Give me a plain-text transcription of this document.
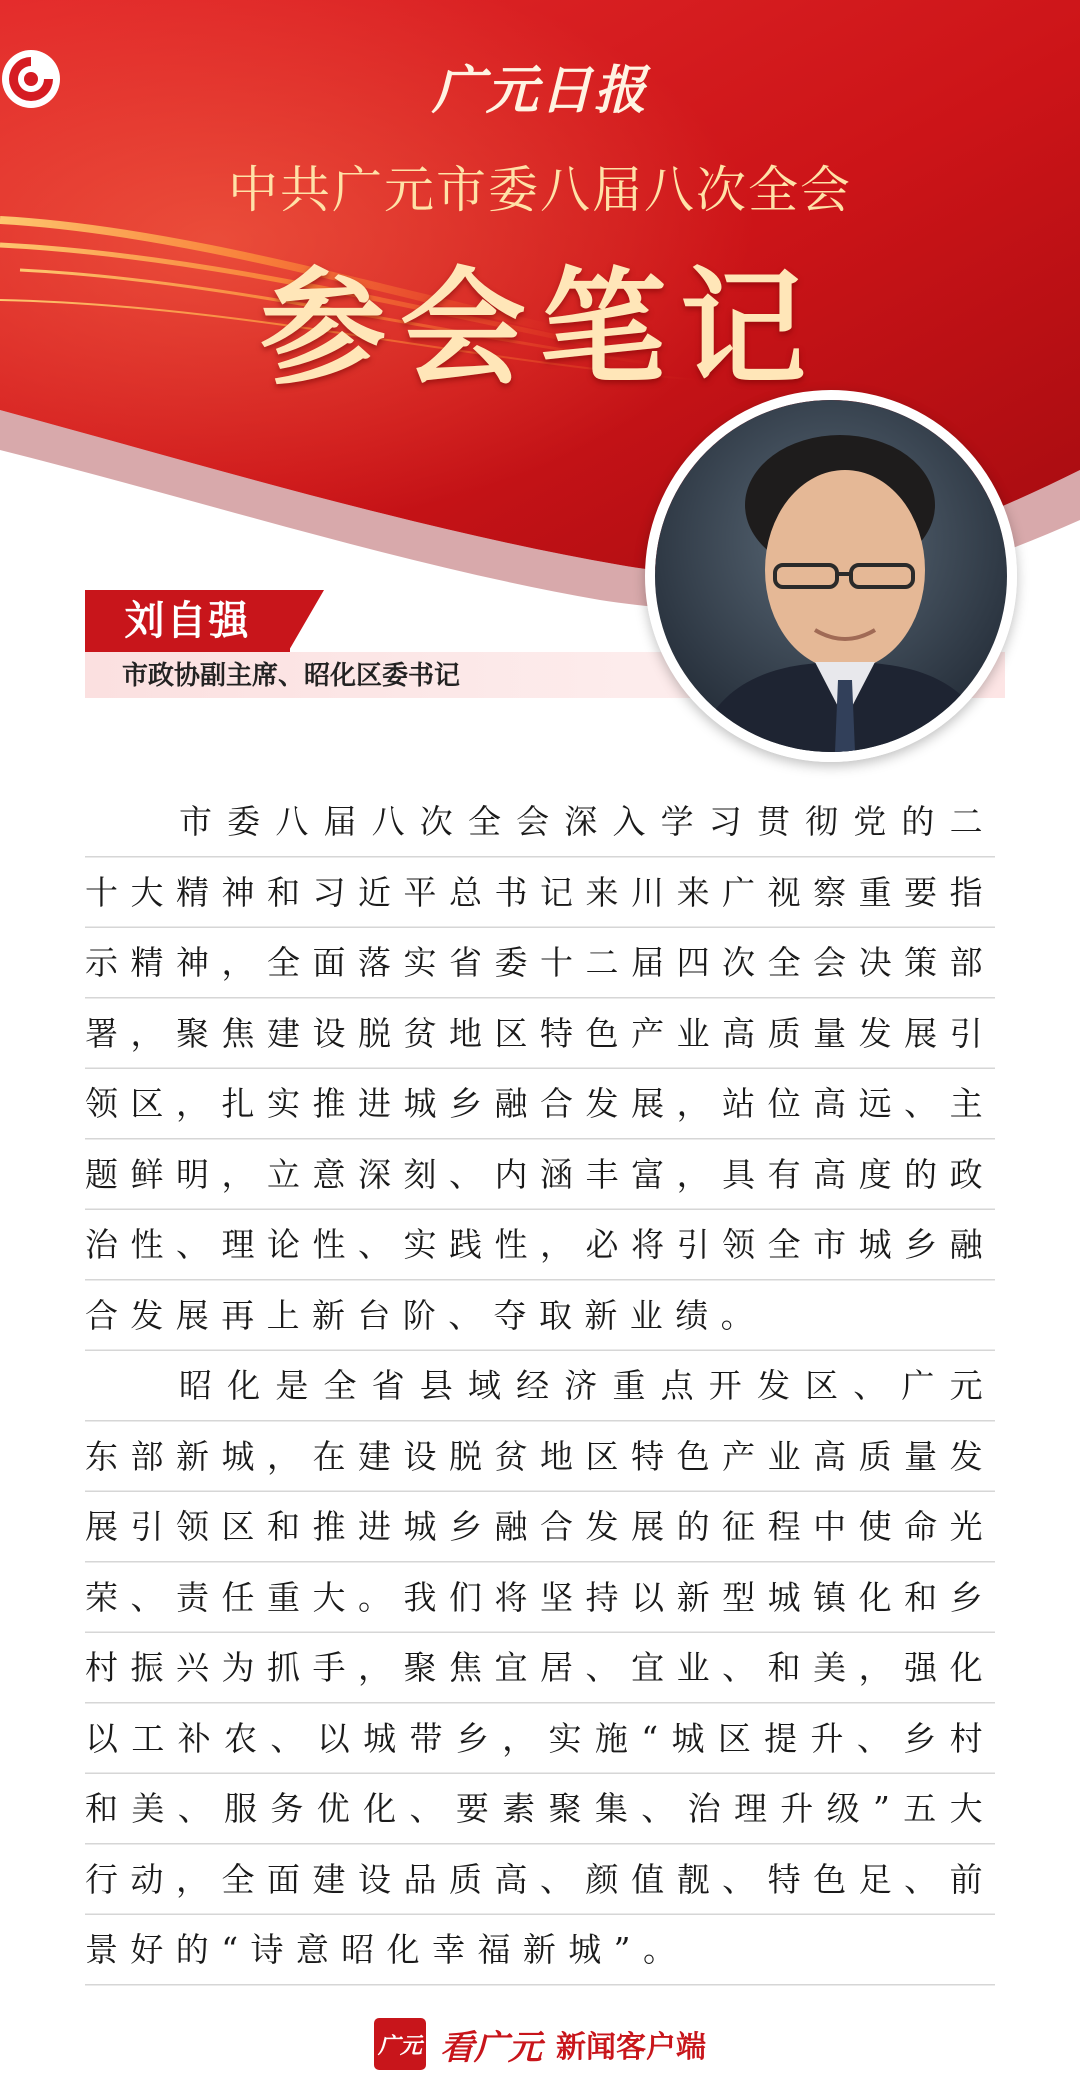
广元日报
中共广元市委八届八次全会
参会笔记
刘自强
市政协副主席、昭化区委书记

市委八届八次全会深入学习贯彻党的二十大精神和习近平总书记来川来广视察重要指示精神，全面落实省委十二届四次全会决策部署，聚焦建设脱贫地区特色产业高质量发展引领区，扎实推进城乡融合发展，站位高远、主题鲜明，立意深刻、内涵丰富，具有高度的政治性、理论性、实践性，必将引领全市城乡融合发展再上新台阶、夺取新业绩。

昭化是全省县域经济重点开发区、广元东部新城，在建设脱贫地区特色产业高质量发展引领区和推进城乡融合发展的征程中使命光荣、责任重大。我们将坚持以新型城镇化和乡村振兴为抓手，聚焦宜居、宜业、和美，强化以工补农、以城带乡，实施“城区提升、乡村和美、服务优化、要素聚集、治理升级”五大行动，全面建设品质高、颜值靓、特色足、前景好的“诗意昭化幸福新城”。

广元 看广元 新闻客户端
